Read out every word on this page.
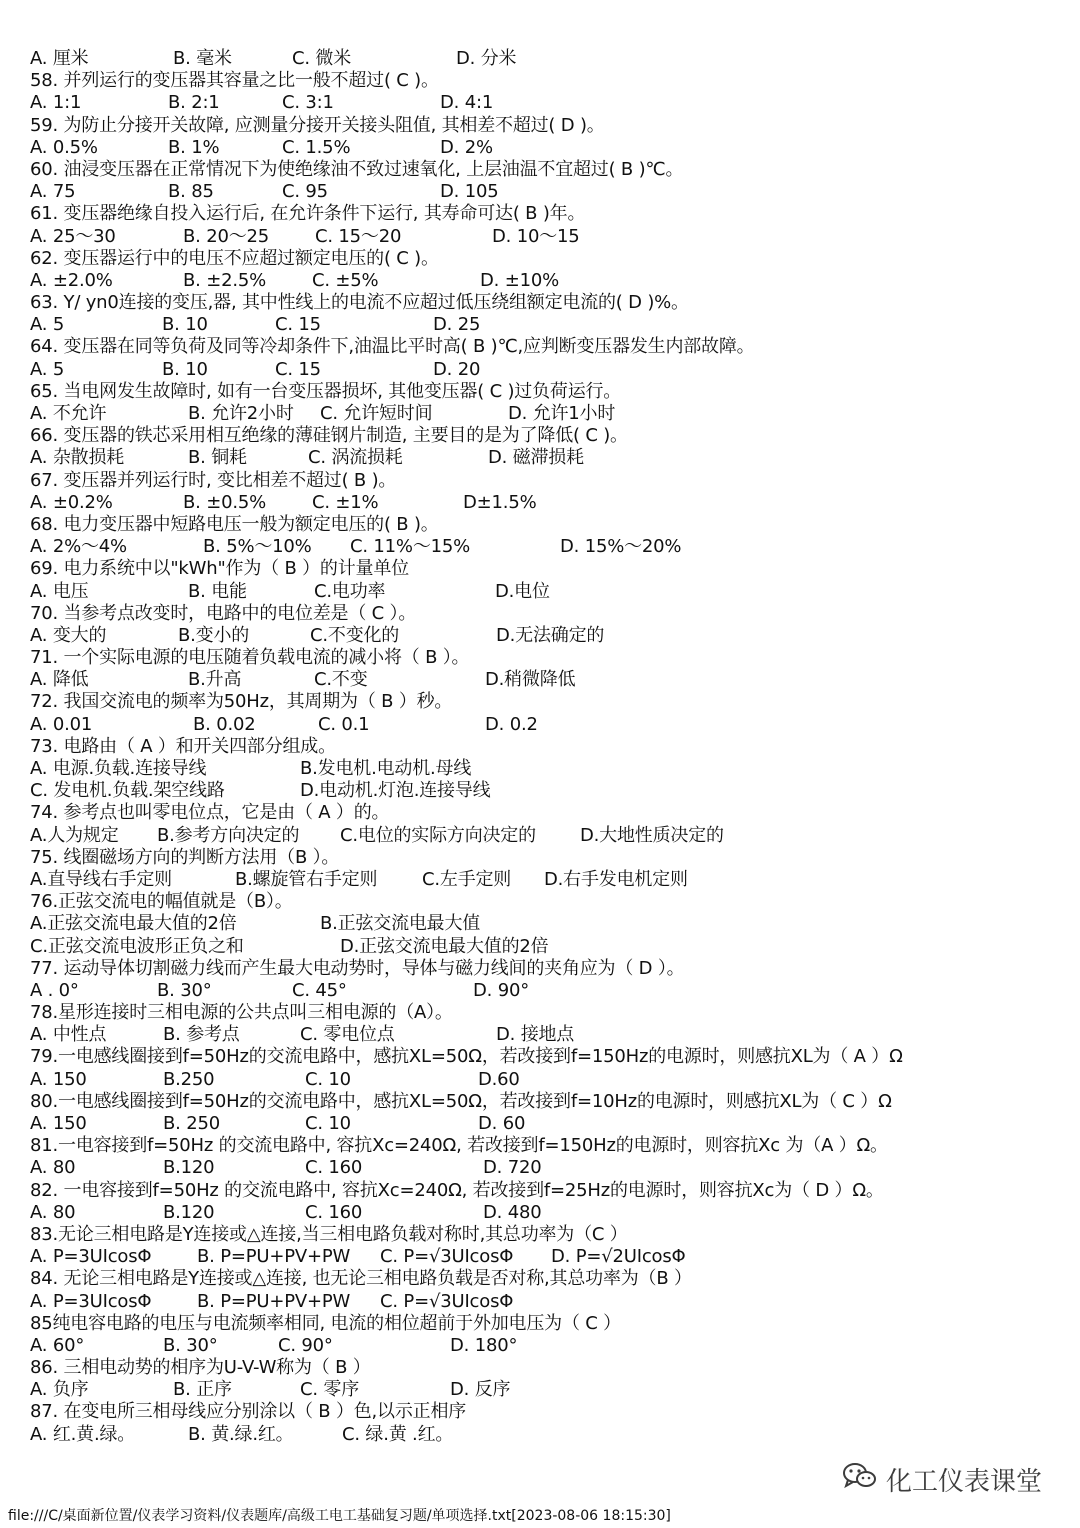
A. 厘米	B. 毫米	C. 微米	D. 分米
58. 并列运行的变压器其容量之比一般不超过( C )。
A. 1:1	B. 2:1	C. 3:1	D. 4:1
59. 为防止分接开关故障, 应测量分接开关接头阻值, 其相差不超过( D )。
A. 0.5%	B. 1%	C. 1.5%	D. 2%
60. 油浸变压器在正常情况下为使绝缘油不致过速氧化, 上层油温不宜超过( B )℃。
A. 75	B. 85	C. 95	D. 105
61. 变压器绝缘自投入运行后, 在允许条件下运行, 其寿命可达( B )年。
A. 25～30	B. 20～25	C. 15～20	D. 10～15
62. 变压器运行中的电压不应超过额定电压的( C )。
A. ±2.0%	B. ±2.5%	C. ±5%	D. ±10%
63. Y/ yn0连接的变压,器, 其中性线上的电流不应超过低压绕组额定电流的( D )%。
A. 5	B. 10	C. 15	D. 25
64. 变压器在同等负荷及同等冷却条件下,油温比平时高( B )℃,应判断变压器发生内部故障。
A. 5	B. 10	C. 15	D. 20
65. 当电网发生故障时, 如有一台变压器损坏, 其他变压器( C )过负荷运行。
A. 不允许	B. 允许2小时 C. 允许短时间	D. 允许1小时
66. 变压器的铁芯采用相互绝缘的薄硅钢片制造, 主要目的是为了降低( C )。
A. 杂散损耗	B. 铜耗	C. 涡流损耗	D. 磁滞损耗
67. 变压器并列运行时, 变比相差不超过( B )。
A. ±0.2%	B. ±0.5%	C. ±1%	D±1.5%
68. 电力变压器中短路电压一般为额定电压的( B )。
A. 2%～4%	B. 5%～10% C. 11%～15%	D. 15%～20%
69. 电力系统中以"kWh"作为（ B ）的计量单位
A. 电压	B. 电能	C.电功率	D.电位
70. 当参考点改变时，电路中的电位差是（ C ）。
A. 变大的	B.变小的	C.不变化的	D.无法确定的
71. 一个实际电源的电压随着负载电流的减小将（ B ）。
A. 降低	B.升高	C.不变	D.稍微降低
72. 我国交流电的频率为50Hz，其周期为（ B ）秒。
A. 0.01	B. 0.02	C. 0.1	D. 0.2
73. 电路由（ A ）和开关四部分组成。
A. 电源.负载.连接导线	B.发电机.电动机.母线
C. 发电机.负载.架空线路	D.电动机.灯泡.连接导线
74. 参考点也叫零电位点，它是由（ A ）的。
A.人为规定 B.参考方向决定的 C.电位的实际方向决定的 D.大地性质决定的
75. 线圈磁场方向的判断方法用（B ）。
A.直导线右手定则	B.螺旋管右手定则 C.左手定则 D.右手发电机定则
76.正弦交流电的幅值就是（B）。
A.正弦交流电最大值的2倍	B.正弦交流电最大值
C.正弦交流电波形正负之和	D.正弦交流电最大值的2倍
77. 运动导体切割磁力线而产生最大电动势时，导体与磁力线间的夹角应为（ D ）。
A . 0°	B. 30°	C. 45°	D. 90°
78.星形连接时三相电源的公共点叫三相电源的（A）。
A. 中性点	B. 参考点	C. 零电位点	D. 接地点
79.一电感线圈接到f=50Hz的交流电路中，感抗XL=50Ω，若改接到f=150Hz的电源时，则感抗XL为（ A ）Ω
A. 150	B.250	C. 10	D.60
80.一电感线圈接到f=50Hz的交流电路中，感抗XL=50Ω，若改接到f=10Hz的电源时，则感抗XL为（ C ）Ω
A. 150	B. 250	C. 10	D. 60
81.一电容接到f=50Hz 的交流电路中, 容抗Xc=240Ω, 若改接到f=150Hz的电源时，则容抗Xc 为（A ）Ω。
A. 80	B.120	C. 160	D. 720
82. 一电容接到f=50Hz 的交流电路中, 容抗Xc=240Ω, 若改接到f=25Hz的电源时，则容抗Xc为（ D ）Ω。
A. 80	B.120	C. 160	D. 480
83.无论三相电路是Y连接或△连接,当三相电路负载对称时,其总功率为（C ）
A. P=3UIcosΦ	B. P=PU+PV+PW C. P=√3UIcosΦ D. P=√2UIcosΦ
84. 无论三相电路是Y连接或△连接, 也无论三相电路负载是否对称,其总功率为（B ）
A. P=3UIcosΦ	B. P=PU+PV+PW C. P=√3UIcosΦ
85纯电容电路的电压与电流频率相同, 电流的相位超前于外加电压为（ C ）
A. 60°	B. 30°	C. 90°	D. 180°
86. 三相电动势的相序为U-V-W称为（ B ）
A. 负序	B. 正序	C. 零序	D. 反序
87. 在变电所三相母线应分别涂以（ B ）色,以示正相序
A. 红.黄.绿。	B. 黄.绿.红。	C. 绿.黄 .红。
化工仪表课堂
file:///C/桌面新位置/仪表学习资料/仪表题库/高级工电工基础复习题/单项选择.txt[2023-08-06 18:15:30]
